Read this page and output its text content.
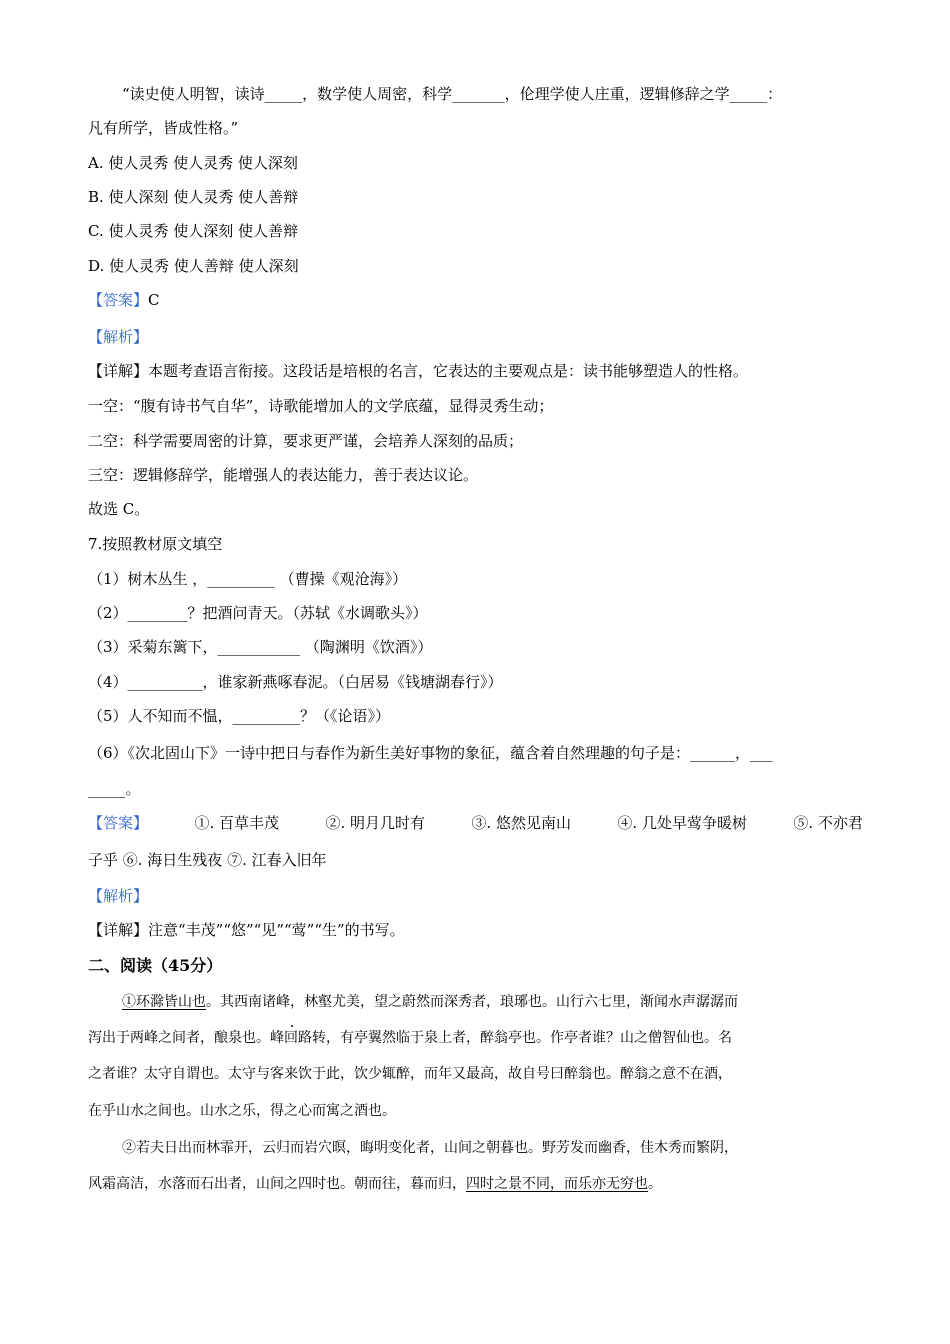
“读史使人明智，读诗_____，数学使人周密，科学_______，伦理学使人庄重，逻辑修辞之学_____：
凡有所学，皆成性格。”
A. 使人灵秀 使人灵秀 使人深刻
B. 使人深刻 使人灵秀 使人善辩
C. 使人灵秀 使人深刻 使人善辩
D. 使人灵秀 使人善辩 使人深刻
【答案】C
【解析】
【详解】本题考查语言衔接。这段话是培根的名言，它表达的主要观点是：读书能够塑造人的性格。
一空：“腹有诗书气自华”，诗歌能增加人的文学底蕴，显得灵秀生动；
二空：科学需要周密的计算，要求更严谨，会培养人深刻的品质；
三空：逻辑修辞学，能增强人的表达能力，善于表达议论。
故选 C。
7.按照教材原文填空
（1）树木丛生 ，_________ （曹操《观沧海》）
（2）________？把酒问青天。（苏轼《水调歌头》）
（3）采菊东篱下，___________ （陶渊明《饮酒》）
（4）__________，谁家新燕啄春泥。（白居易《钱塘湖春行》）
（5）人不知而不愠，_________？（《论语》）
（6）《次北固山下》一诗中把日与春作为新生美好事物的象征，蕴含着自然理趣的句子是：______，___
_____。
【答案】	①. 百草丰茂	②. 明月几时有	③. 悠然见南山	④. 几处早莺争暖树	⑤. 不亦君
子乎 ⑥. 海日生残夜 ⑦. 江春入旧年
【解析】
【详解】注意“丰茂”“悠”“见”“莺”“生”的书写。
二、阅读（45分）
①环滁皆山也。其西南诸峰，林壑尤美，望之蔚然而深秀者，琅琊也。山行六七里，渐闻水声潺潺而
泻出于两峰之间者，酿泉也。峰回路转，有亭翼然临于泉上者，醉翁亭也。作亭者谁？山之僧智仙也。名
之者谁？太守自谓也。太守与客来饮于此，饮少辄醉，而年又最高，故自号曰醉翁也。醉翁之意不在酒，
在乎山水之间也。山水之乐，得之心而寓之酒也。
②若夫日出而林霏开，云归而岩穴暝，晦明变化者，山间之朝暮也。野芳发而幽香，佳木秀而繁阴，
风霜高洁，水落而石出者，山间之四时也。朝而往，暮而归，四时之景不同，而乐亦无穷也。
